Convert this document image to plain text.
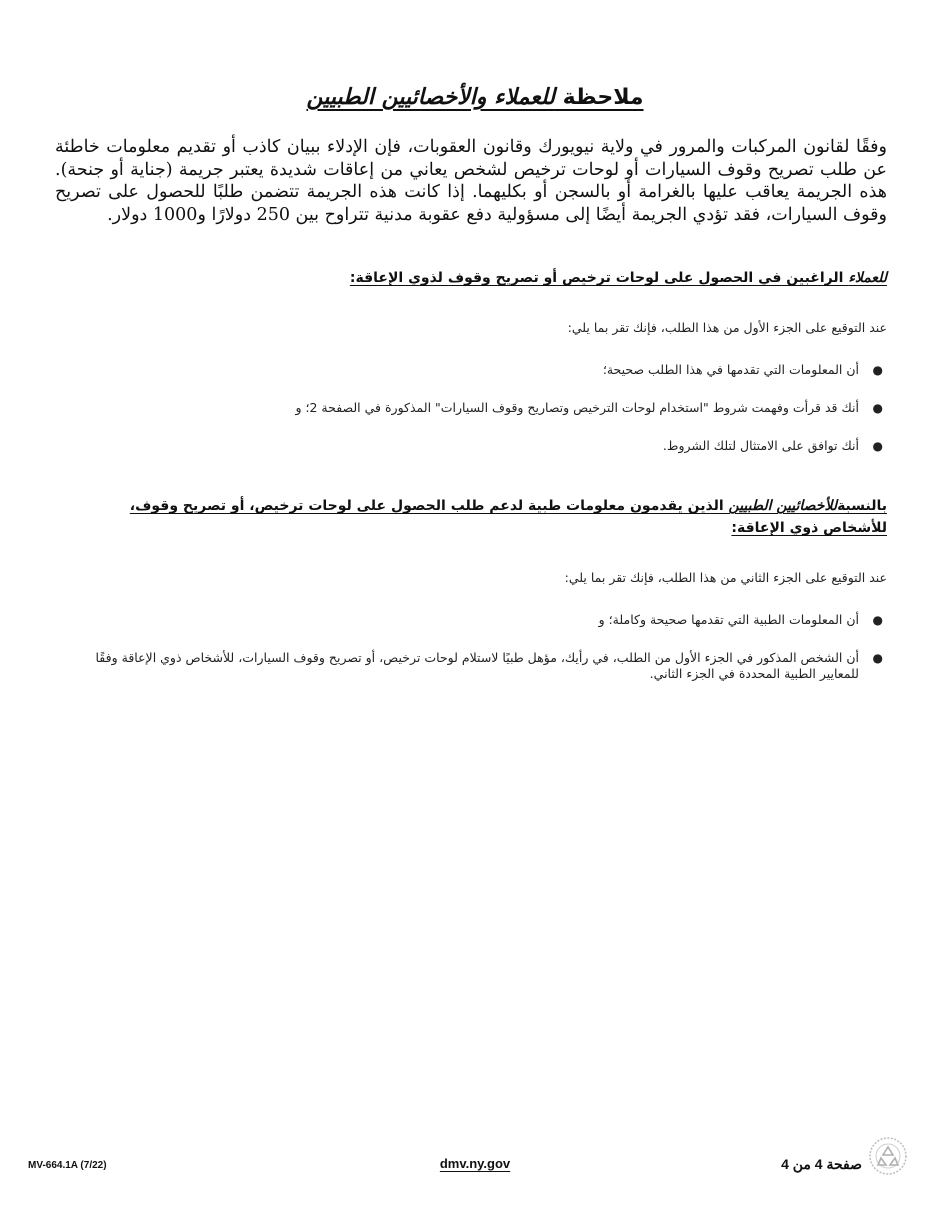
ملاحظة للعملاء والأخصائيين الطبيين

وفقًا لقانون المركبات والمرور في ولاية نيويورك وقانون العقوبات، فإن الإدلاء ببيان كاذب أو تقديم معلومات خاطئة عن طلب تصريح وقوف السيارات أو لوحات ترخيص لشخص يعاني من إعاقات شديدة يعتبر جريمة (جناية أو جنحة). هذه الجريمة يعاقب عليها بالغرامة أو بالسجن أو بكليهما. إذا كانت هذه الجريمة تتضمن طلبًا للحصول على تصريح وقوف السيارات، فقد تؤدي الجريمة أيضًا إلى مسؤولية دفع عقوبة مدنية تتراوح بين 250 دولارًا و1000 دولار.

للعملاء الراغبين في الحصول على لوحات ترخيص أو تصريح وقوف لذوي الإعاقة:

عند التوقيع على الجزء الأول من هذا الطلب، فإنك تقر بما يلي:

●
أن المعلومات التي تقدمها في هذا الطلب صحيحة؛
●
أنك قد قرأت وفهمت شروط "استخدام لوحات الترخيص وتصاريح وقوف السيارات" المذكورة في الصفحة 2؛ و
●
أنك توافق على الامتثال لتلك الشروط.
بالنسبةللأخصائيين الطبيين الذين يقدمون معلومات طبية لدعم طلب الحصول على لوحات ترخيص، أو تصريح وقوف، للأشخاص ذوي الإعاقة:

عند التوقيع على الجزء الثاني من هذا الطلب، فإنك تقر بما يلي:

●
أن المعلومات الطبية التي تقدمها صحيحة وكاملة؛ و
●
أن الشخص المذكور في الجزء الأول من الطلب، في رأيك، مؤهل طبيًا لاستلام لوحات ترخيص، أو تصريح وقوف السيارات، للأشخاص ذوي الإعاقة وفقًا للمعايير الطبية المحددة في الجزء الثاني.
MV-664.1A (7/22)	dmv.ny.gov	صفحة 4 من 4
